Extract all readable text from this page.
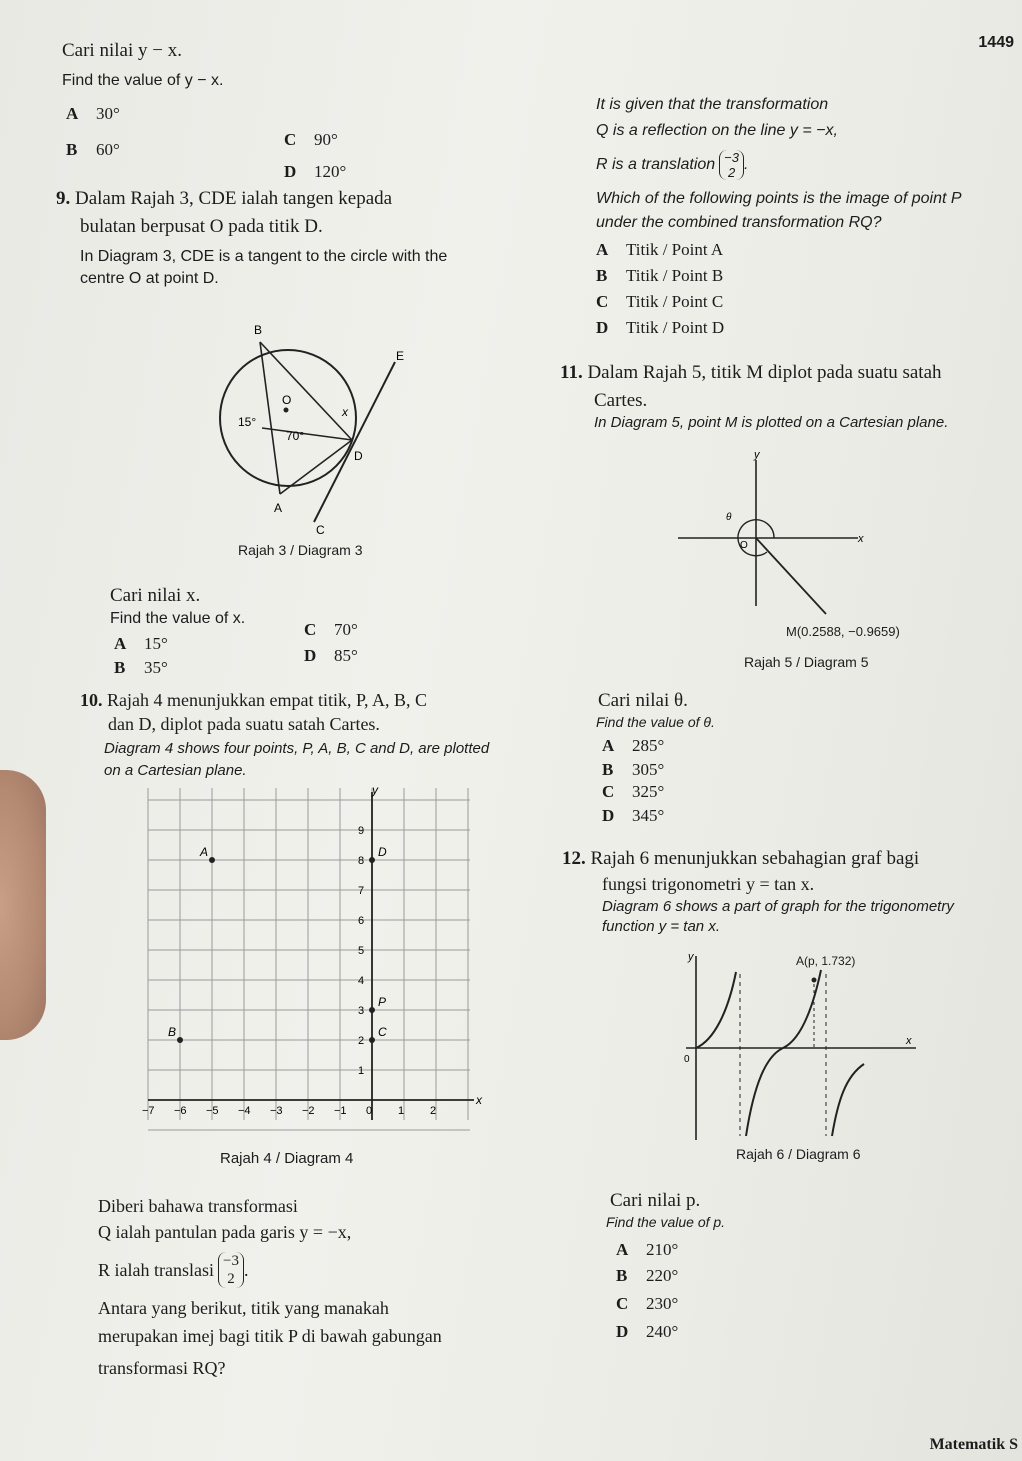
1449
Cari nilai y − x.
Find the value of y − x.
A 30°
B 60°
C 90°
D 120°
9. Dalam Rajah 3, CDE ialah tangen kepada
bulatan berpusat O pada titik D.
In Diagram 3, CDE is a tangent to the circle with the
centre O at point D.
B
E
O
x
15°
70°
D
A
C
Rajah 3 / Diagram 3
Cari nilai x.
Find the value of x.
A 15°
B 35°
C 70°
D 85°
10. Rajah 4 menunjukkan empat titik, P, A, B, C
dan D, diplot pada suatu satah Cartes.
Diagram 4 shows four points, P, A, B, C and D, are plotted
on a Cartesian plane.
x
y
−7 −6 −5 −4 −3 −2 −1 0 1 2
1
2
3
4
5
6
7
8
9
A
B	C
D
P
Rajah 4 / Diagram 4
Diberi bahawa transformasi
Q ialah pantulan pada garis y = −x,
R ialah translasi −3
2 .
Antara yang berikut, titik yang manakah
merupakan imej bagi titik P di bawah gabungan
transformasi RQ?
It is given that the transformation
Q is a reflection on the line y = −x,
R is a translation −3
2 .
Which of the following points is the image of point P
under the combined transformation RQ?
A Titik / Point A
B Titik / Point B
C Titik / Point C
D Titik / Point D
11. Dalam Rajah 5, titik M diplot pada suatu satah
Cartes.
In Diagram 5, point M is plotted on a Cartesian plane.
x
y
O
θ
M(0.2588, −0.9659)
Rajah 5 / Diagram 5
Cari nilai θ.
Find the value of θ.
A 285°
B 305°
C 325°
D 345°
12. Rajah 6 menunjukkan sebahagian graf bagi
fungsi trigonometri y = tan x.
Diagram 6 shows a part of graph for the trigonometry
function y = tan x.
x
y
0
A(p, 1.732)
Rajah 6 / Diagram 6
Cari nilai p.
Find the value of p.
A 210°
B 220°
C 230°
D 240°
Matematik S
